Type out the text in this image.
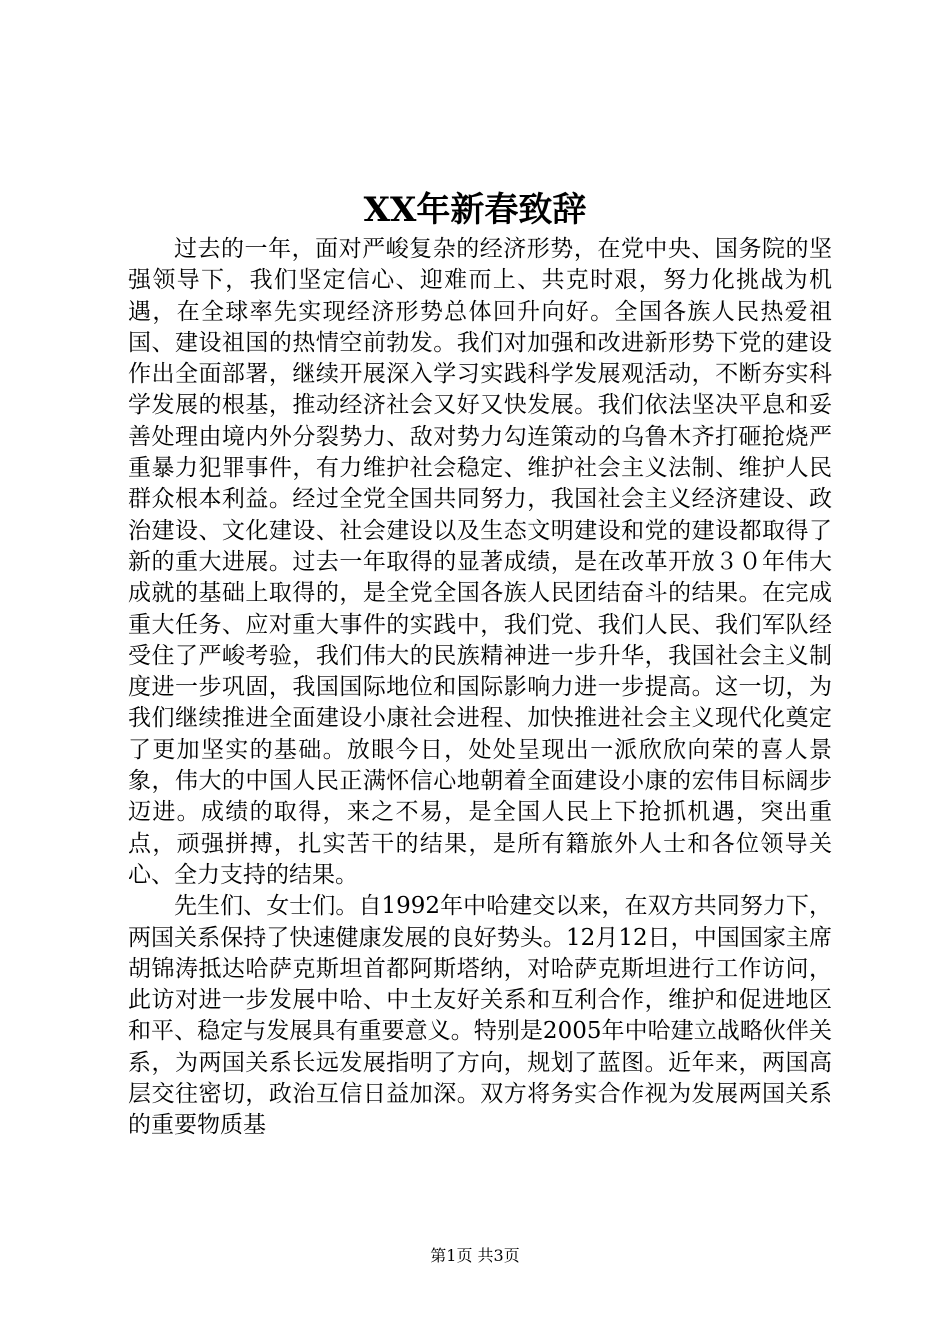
XX年新春致辞

过去的一年，面对严峻复杂的经济形势，在党中央、国务院的坚强领导下，我们坚定信心、迎难而上、共克时艰，努力化挑战为机遇，在全球率先实现经济形势总体回升向好。全国各族人民热爱祖国、建设祖国的热情空前勃发。我们对加强和改进新形势下党的建设作出全面部署，继续开展深入学习实践科学发展观活动，不断夯实科学发展的根基，推动经济社会又好又快发展。我们依法坚决平息和妥善处理由境内外分裂势力、敌对势力勾连策动的乌鲁木齐打砸抢烧严重暴力犯罪事件，有力维护社会稳定、维护社会主义法制、维护人民群众根本利益。经过全党全国共同努力，我国社会主义经济建设、政治建设、文化建设、社会建设以及生态文明建设和党的建设都取得了新的重大进展。过去一年取得的显著成绩，是在改革开放３０年伟大成就的基础上取得的，是全党全国各族人民团结奋斗的结果。在完成重大任务、应对重大事件的实践中，我们党、我们人民、我们军队经受住了严峻考验，我们伟大的民族精神进一步升华，我国社会主义制度进一步巩固，我国国际地位和国际影响力进一步提高。这一切，为我们继续推进全面建设小康社会进程、加快推进社会主义现代化奠定了更加坚实的基础。放眼今日，处处呈现出一派欣欣向荣的喜人景象，伟大的中国人民正满怀信心地朝着全面建设小康的宏伟目标阔步迈进。成绩的取得，来之不易，是全国人民上下抢抓机遇，突出重点，顽强拼搏，扎实苦干的结果，是所有籍旅外人士和各位领导关心、全力支持的结果。

先生们、女士们。自1992年中哈建交以来，在双方共同努力下，两国关系保持了快速健康发展的良好势头。12月12日，中国国家主席胡锦涛抵达哈萨克斯坦首都阿斯塔纳，对哈萨克斯坦进行工作访问，此访对进一步发展中哈、中土友好关系和互利合作，维护和促进地区和平、稳定与发展具有重要意义。特别是2005年中哈建立战略伙伴关系，为两国关系长远发展指明了方向，规划了蓝图。近年来，两国高层交往密切，政治互信日益加深。双方将务实合作视为发展两国关系的重要物质基

第1页 共3页
